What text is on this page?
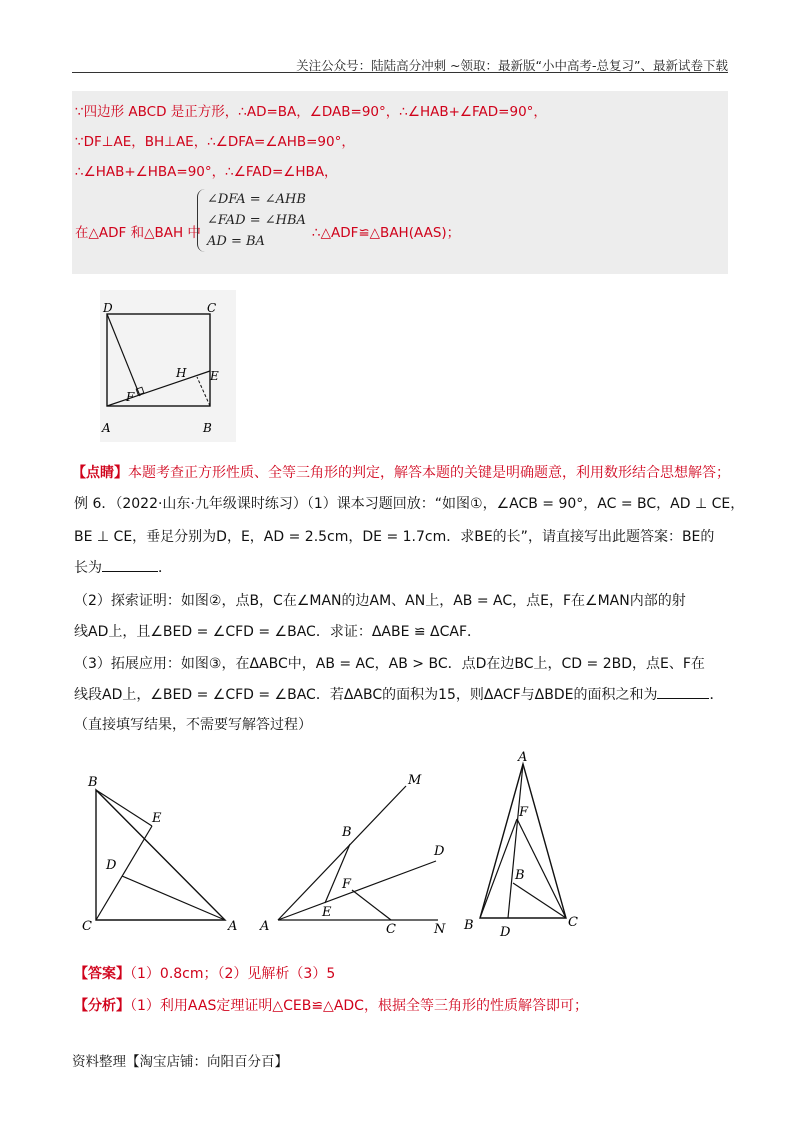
关注公众号：陆陆高分冲刺 ~领取：最新版“小中高考-总复习”、最新试卷下载
∵四边形 ABCD 是正方形，∴AD=BA，∠DAB=90°，∴∠HAB+∠FAD=90°，
∵DF⊥AE，BH⊥AE，∴∠DFA=∠AHB=90°，
∴∠HAB+∠HBA=90°，∴∠FAD=∠HBA，
在△ADF 和△BAH 中
∠DFA = ∠AHB
∠FAD = ∠HBA
AD = BA
∴△ADF≌△BAH(AAS)；
D	C
H E
F
A	B
【点睛】本题考查正方形性质、全等三角形的判定，解答本题的关键是明确题意，利用数形结合思想解答；
例 6．（2022·山东·九年级课时练习）（1）课本习题回放：“如图①，∠ACB = 90°，AC = BC，AD ⊥ CE，
BE ⊥ CE，垂足分别为D，E，AD = 2.5cm，DE = 1.7cm．求BE的长”，请直接写出此题答案：BE的
长为	．
（2）探索证明：如图②，点B，C在∠MAN的边AM、AN上，AB = AC，点E，F在∠MAN内部的射
线AD上，且∠BED = ∠CFD = ∠BAC．求证：ΔABE ≌ ΔCAF．
（3）拓展应用：如图③，在ΔABC中，AB = AC，AB > BC．点D在边BC上，CD = 2BD，点E、F在
线段AD上，∠BED = ∠CFD = ∠BAC．若ΔABC的面积为15，则ΔACF与ΔBDE的面积之和为	．
（直接填写结果，不需要写解答过程）
B
E
D
C	A
M
B
D
F
E
A	C	N
A
F
B
B D
C
【答案】（1）0.8cm；（2）见解析（3）5
【分析】（1）利用AAS定理证明△CEB≌△ADC，根据全等三角形的性质解答即可；
资料整理【淘宝店铺：向阳百分百】
